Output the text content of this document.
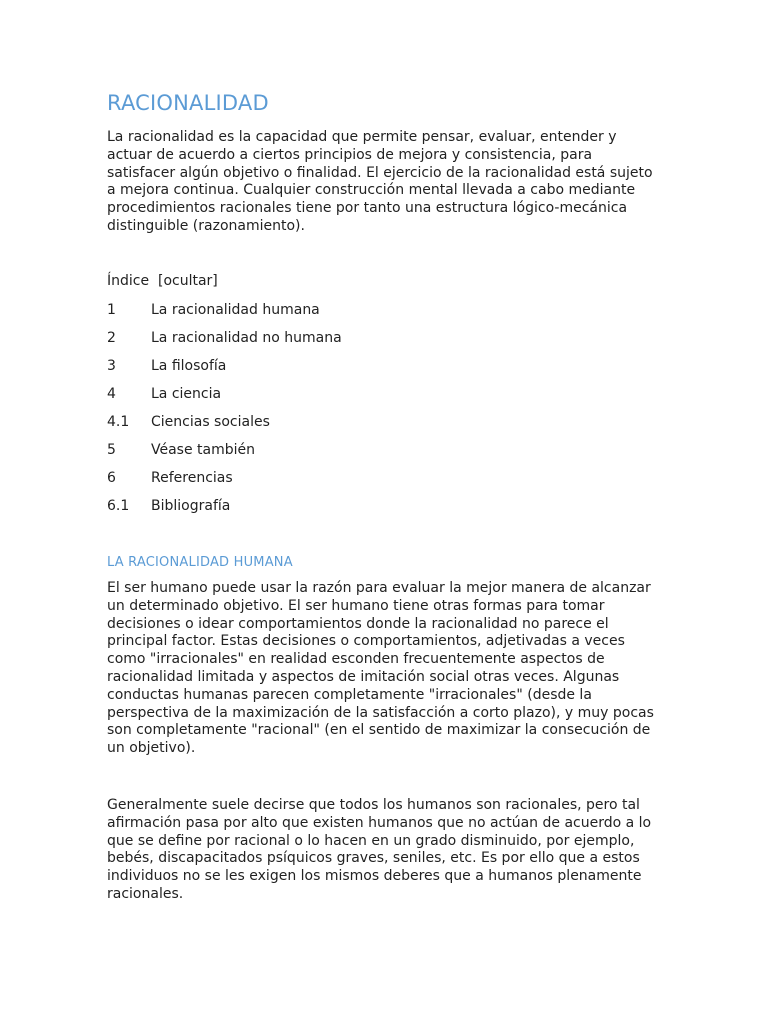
RACIONALIDAD

La racionalidad es la capacidad que permite pensar, evaluar, entender y actuar de acuerdo a ciertos principios de mejora y consistencia, para satisfacer algún objetivo o finalidad. El ejercicio de la racionalidad está sujeto a mejora continua. Cualquier construcción mental llevada a cabo mediante procedimientos racionales tiene por tanto una estructura lógico-mecánica distinguible (razonamiento).

Índice [ocultar]
1	La racionalidad humana
2	La racionalidad no humana
3	La filosofía
4	La ciencia
4.1 Ciencias sociales
5	Véase también
6	Referencias
6.1 Bibliografía
LA RACIONALIDAD HUMANA

El ser humano puede usar la razón para evaluar la mejor manera de alcanzar un determinado objetivo. El ser humano tiene otras formas para tomar decisiones o idear comportamientos donde la racionalidad no parece el principal factor. Estas decisiones o comportamientos, adjetivadas a veces como "irracionales" en realidad esconden frecuentemente aspectos de racionalidad limitada y aspectos de imitación social otras veces. Algunas conductas humanas parecen completamente "irracionales" (desde la perspectiva de la maximización de la satisfacción a corto plazo), y muy pocas son completamente "racional" (en el sentido de maximizar la consecución de un objetivo).

Generalmente suele decirse que todos los humanos son racionales, pero tal afirmación pasa por alto que existen humanos que no actúan de acuerdo a lo que se define por racional o lo hacen en un grado disminuido, por ejemplo, bebés, discapacitados psíquicos graves, seniles, etc. Es por ello que a estos individuos no se les exigen los mismos deberes que a humanos plenamente racionales.
